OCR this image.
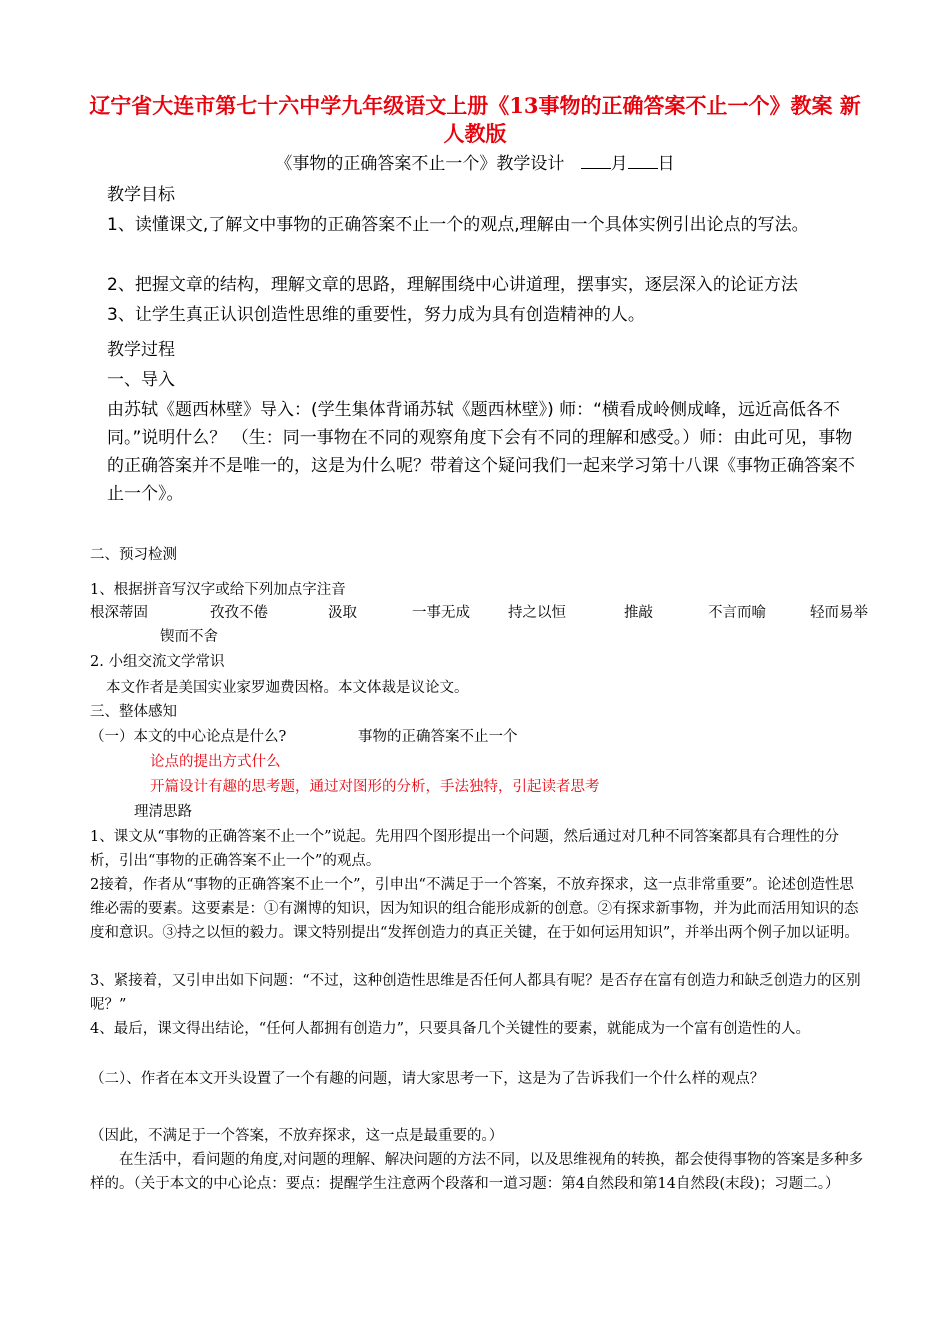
辽宁省大连市第七十六中学九年级语文上册《13事物的正确答案不止一个》教案 新人教版
《事物的正确答案不止一个》教学设计	月 日
教学目标
1、读懂课文,了解文中事物的正确答案不止一个的观点,理解由一个具体实例引出论点的写法。
2、把握文章的结构，理解文章的思路，理解围绕中心讲道理，摆事实，逐层深入的论证方法
3、让学生真正认识创造性思维的重要性，努力成为具有创造精神的人。
教学过程
一、导入
由苏轼《题西林壁》导入：(学生集体背诵苏轼《题西林壁》) 师：“横看成岭侧成峰，远近高低各不同。”说明什么？ （生：同一事物在不同的观察角度下会有不同的理解和感受。）师：由此可见，事物的正确答案并不是唯一的，这是为什么呢？带着这个疑问我们一起来学习第十八课《事物正确答案不止一个》。
二、预习检测
1、根据拼音写汉字或给下列加点字注音
根深蒂固	孜孜不倦	汲取	一事无成	持之以恒	推敲	不言而喻	轻而易举
锲而不舍
2. 小组交流文学常识
本文作者是美国实业家罗迦费因格。本文体裁是议论文。
三、整体感知
（一）本文的中心论点是什么?	事物的正确答案不止一个
论点的提出方式什么
开篇设计有趣的思考题，通过对图形的分析，手法独特，引起读者思考
理清思路
1、课文从“事物的正确答案不止一个”说起。先用四个图形提出一个问题，然后通过对几种不同答案都具有合理性的分析，引出“事物的正确答案不止一个”的观点。
2接着，作者从“事物的正确答案不止一个”，引申出“不满足于一个答案，不放弃探求，这一点非常重要”。论述创造性思维必需的要素。这要素是：①有渊博的知识，因为知识的组合能形成新的创意。②有探求新事物，并为此而活用知识的态度和意识。③持之以恒的毅力。课文特别提出“发挥创造力的真正关键，在于如何运用知识”，并举出两个例子加以证明。
3、紧接着，又引申出如下问题：“不过，这种创造性思维是否任何人都具有呢？是否存在富有创造力和缺乏创造力的区别呢？”
4、最后，课文得出结论，“任何人都拥有创造力”，只要具备几个关键性的要素，就能成为一个富有创造性的人。
（二）、作者在本文开头设置了一个有趣的问题，请大家思考一下，这是为了告诉我们一个什么样的观点？
（因此，不满足于一个答案，不放弃探求，这一点是最重要的。）
在生活中，看问题的角度,对问题的理解、解决问题的方法不同，以及思维视角的转换，都会使得事物的答案是多种多样的。（关于本文的中心论点：要点：提醒学生注意两个段落和一道习题：第4自然段和第14自然段(末段)；习题二。）
